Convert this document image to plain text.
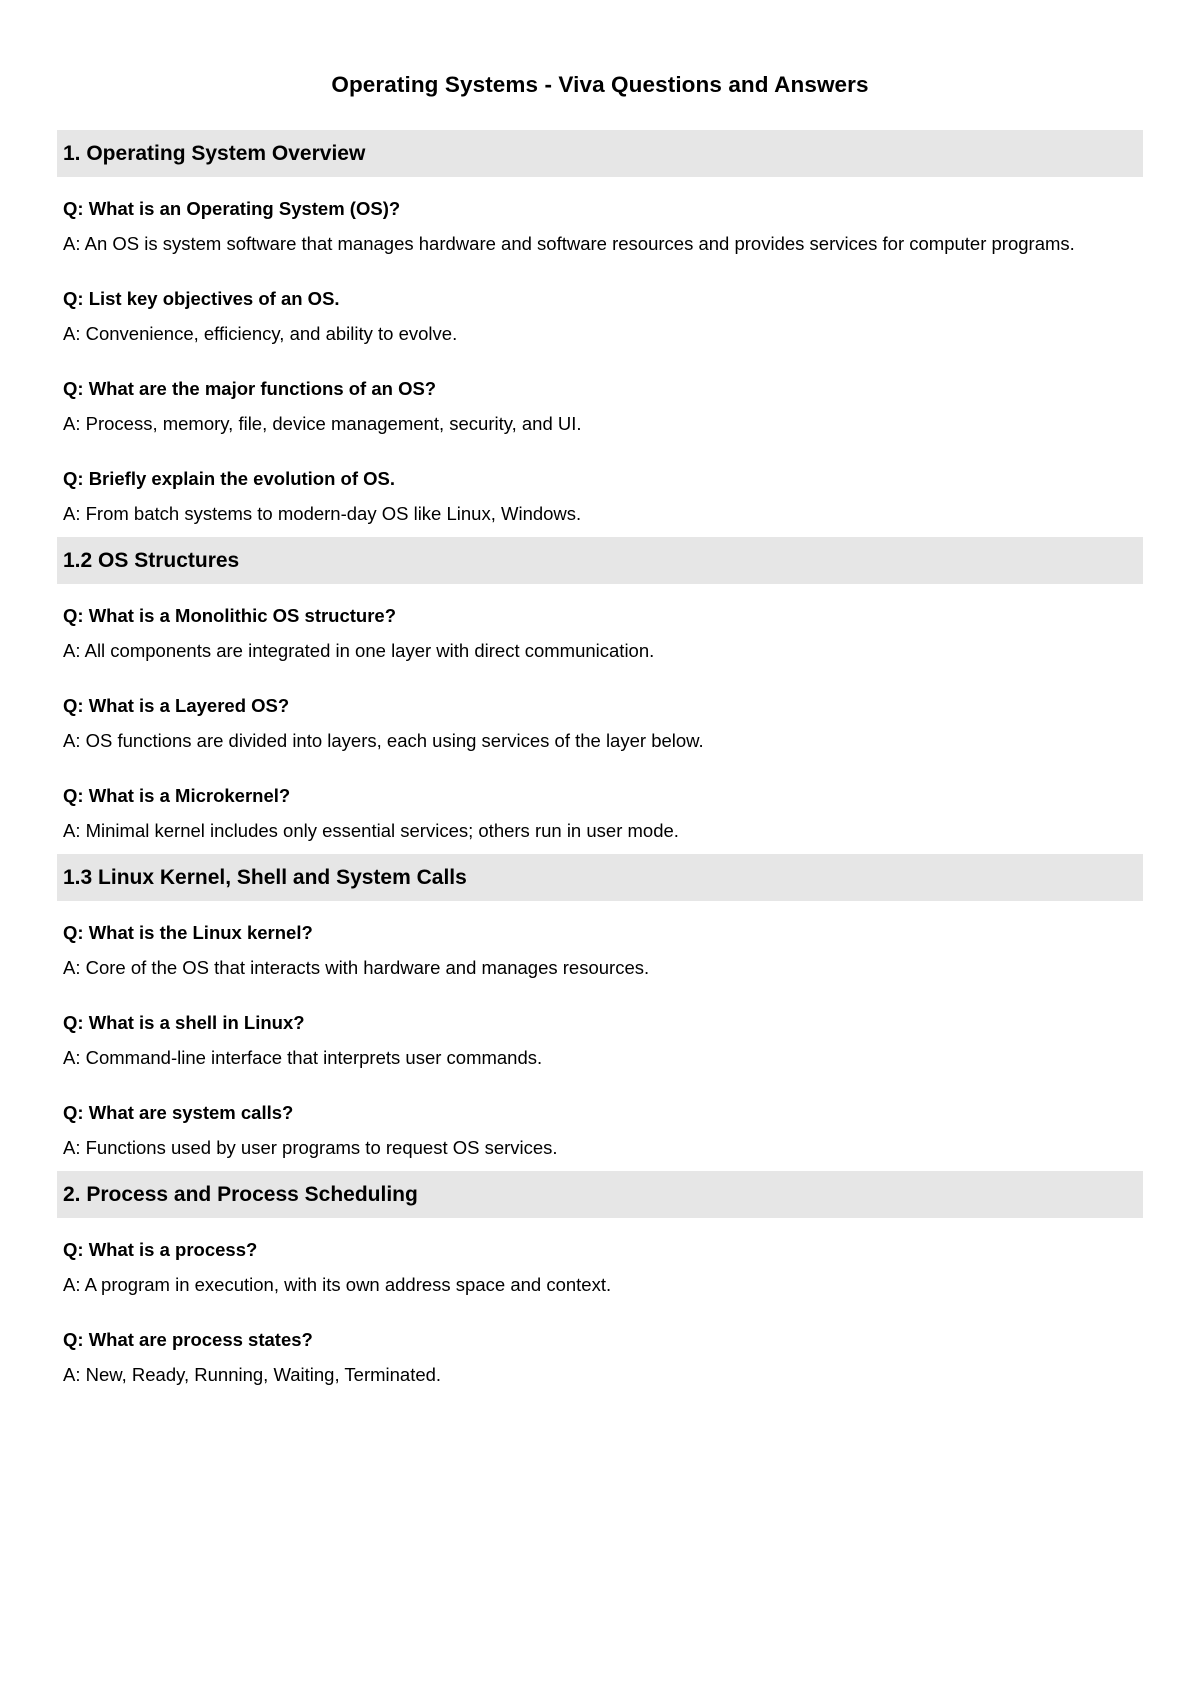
Operating Systems - Viva Questions and Answers
1. Operating System Overview

Q: What is an Operating System (OS)?

A: An OS is system software that manages hardware and software resources and provides services for computer programs.

Q: List key objectives of an OS.

A: Convenience, efficiency, and ability to evolve.

Q: What are the major functions of an OS?

A: Process, memory, file, device management, security, and UI.

Q: Briefly explain the evolution of OS.

A: From batch systems to modern-day OS like Linux, Windows.

1.2 OS Structures

Q: What is a Monolithic OS structure?

A: All components are integrated in one layer with direct communication.

Q: What is a Layered OS?

A: OS functions are divided into layers, each using services of the layer below.

Q: What is a Microkernel?

A: Minimal kernel includes only essential services; others run in user mode.

1.3 Linux Kernel, Shell and System Calls

Q: What is the Linux kernel?

A: Core of the OS that interacts with hardware and manages resources.

Q: What is a shell in Linux?

A: Command-line interface that interprets user commands.

Q: What are system calls?

A: Functions used by user programs to request OS services.

2. Process and Process Scheduling

Q: What is a process?

A: A program in execution, with its own address space and context.

Q: What are process states?

A: New, Ready, Running, Waiting, Terminated.
